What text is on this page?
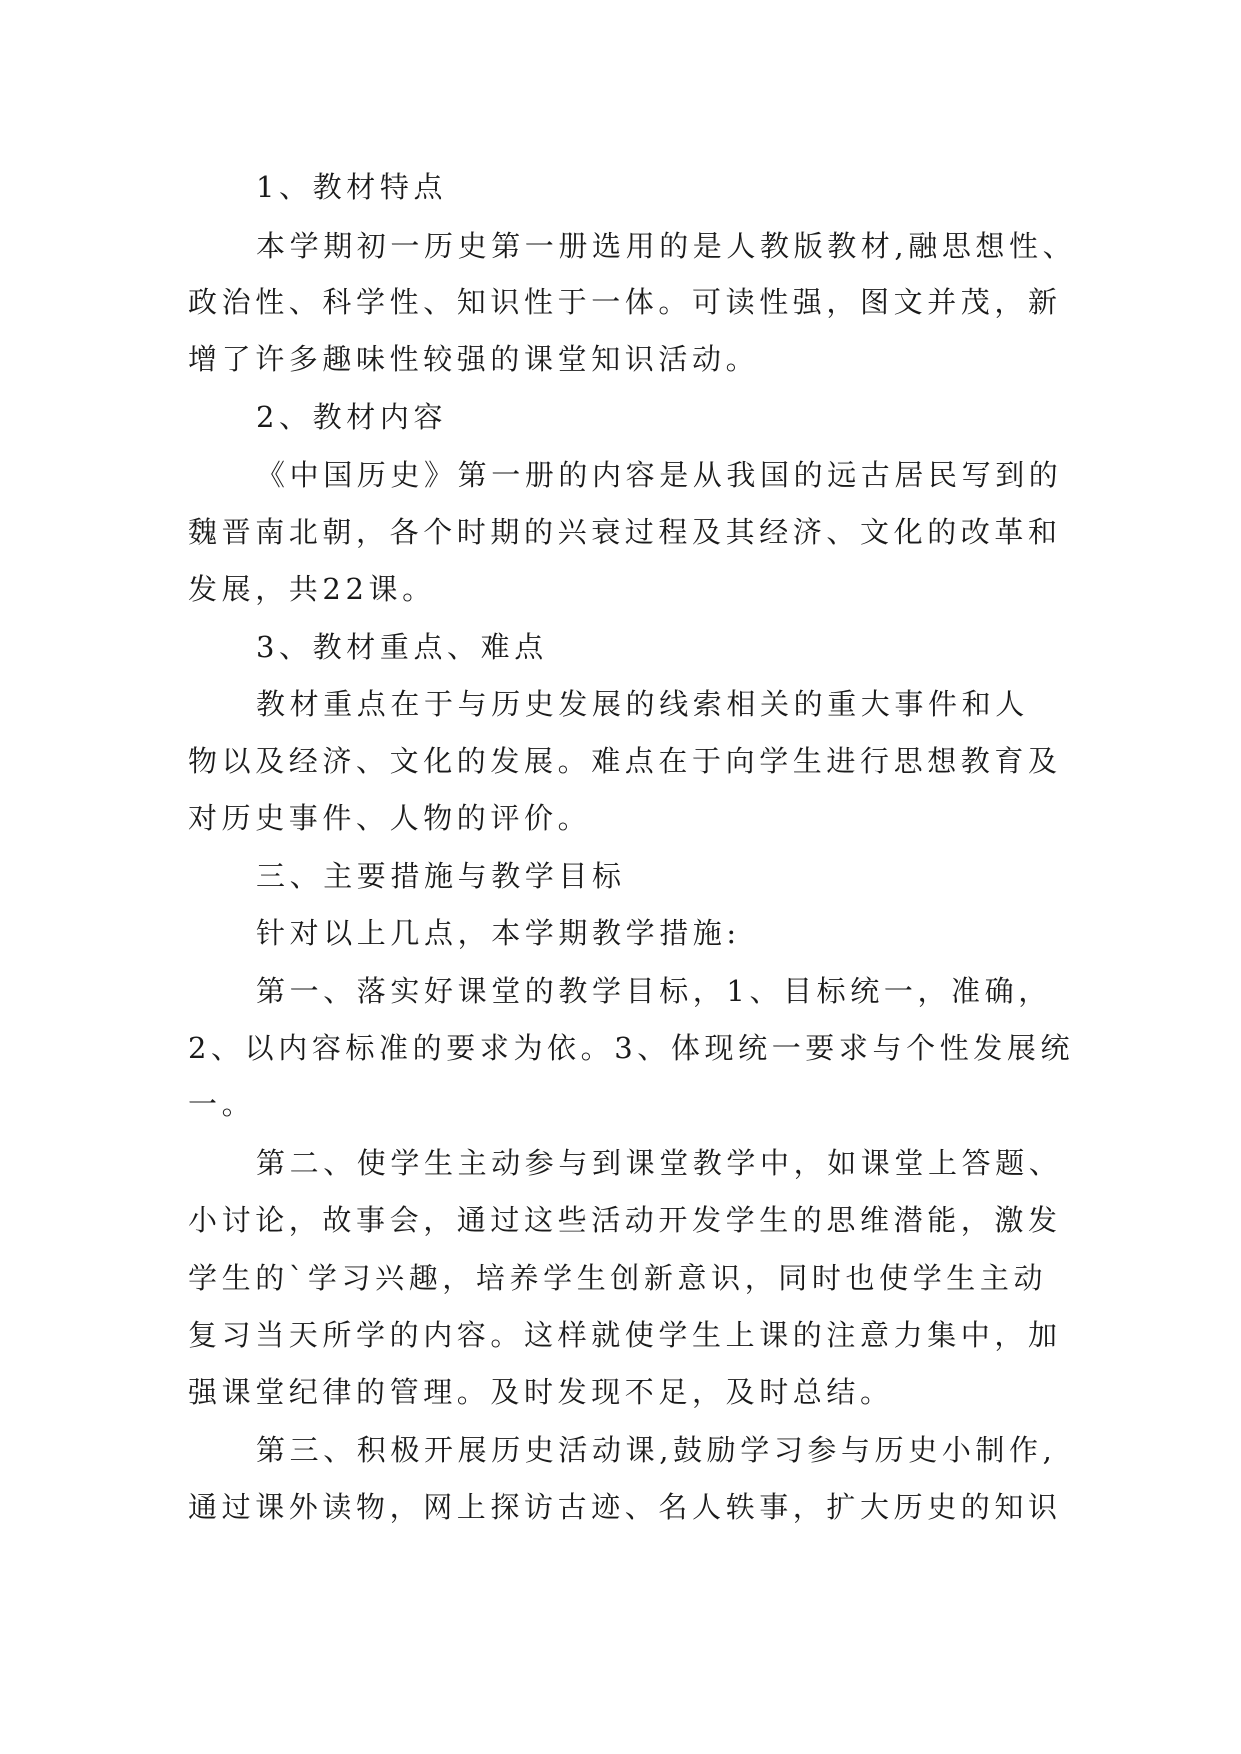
1、教材特点
本学期初一历史第一册选用的是人教版教材,融思想性、
政治性、科学性、知识性于一体。可读性强，图文并茂，新
增了许多趣味性较强的课堂知识活动。
2、教材内容
《中国历史》第一册的内容是从我国的远古居民写到的
魏晋南北朝，各个时期的兴衰过程及其经济、文化的改革和
发展，共22课。
3、教材重点、难点
教材重点在于与历史发展的线索相关的重大事件和人
物以及经济、文化的发展。难点在于向学生进行思想教育及
对历史事件、人物的评价。
三、主要措施与教学目标
针对以上几点，本学期教学措施:
第一、落实好课堂的教学目标，1、目标统一，准确，
2、以内容标准的要求为依。3、体现统一要求与个性发展统
一。
第二、使学生主动参与到课堂教学中，如课堂上答题、
小讨论，故事会，通过这些活动开发学生的思维潜能，激发
学生的`学习兴趣，培养学生创新意识，同时也使学生主动
复习当天所学的内容。这样就使学生上课的注意力集中，加
强课堂纪律的管理。及时发现不足，及时总结。
第三、积极开展历史活动课,鼓励学习参与历史小制作,
通过课外读物，网上探访古迹、名人轶事，扩大历史的知识
